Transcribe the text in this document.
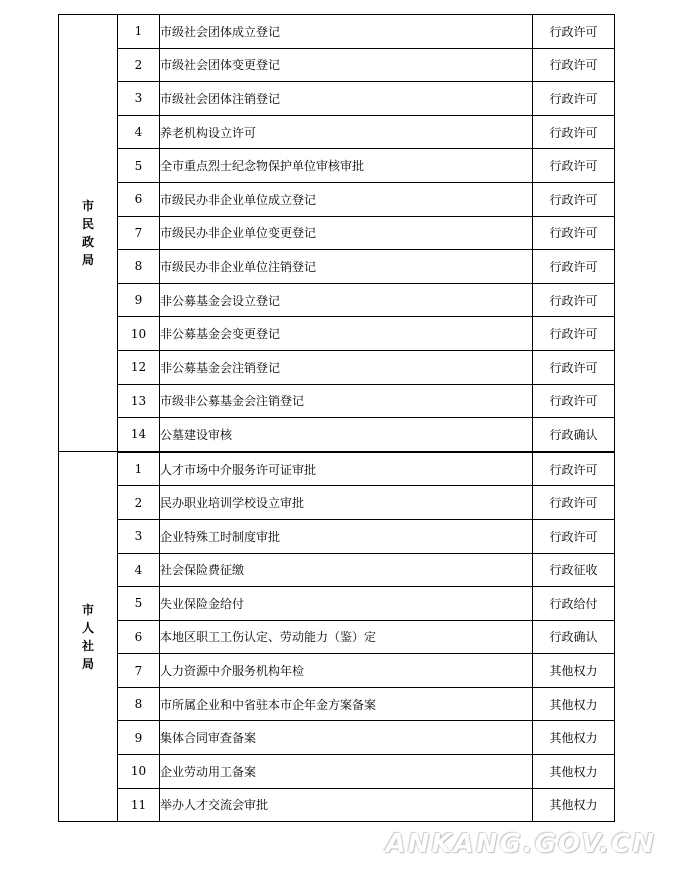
市民政局	1	市级社会团体成立登记	行政许可
	2	市级社会团体变更登记	行政许可
	3	市级社会团体注销登记	行政许可
	4	养老机构设立许可	行政许可
	5	全市重点烈士纪念物保护单位审核审批	行政许可
	6	市级民办非企业单位成立登记	行政许可
	7	市级民办非企业单位变更登记	行政许可
	8	市级民办非企业单位注销登记	行政许可
	9	非公募基金会设立登记	行政许可
	10	非公募基金会变更登记	行政许可
	12	非公募基金会注销登记	行政许可
	13	市级非公募基金会注销登记	行政许可
	14	公墓建设审核	行政确认
市人社局	1	人才市场中介服务许可证审批	行政许可
	2	民办职业培训学校设立审批	行政许可
	3	企业特殊工时制度审批	行政许可
	4	社会保险费征缴	行政征收
	5	失业保险金给付	行政给付
	6	本地区职工工伤认定、劳动能力（鉴）定	行政确认
	7	人力资源中介服务机构年检	其他权力
	8	市所属企业和中省驻本市企年金方案备案	其他权力
	9	集体合同审查备案	其他权力
	10	企业劳动用工备案	其他权力
	11	举办人才交流会审批	其他权力
ANKANG.GOV.CN
